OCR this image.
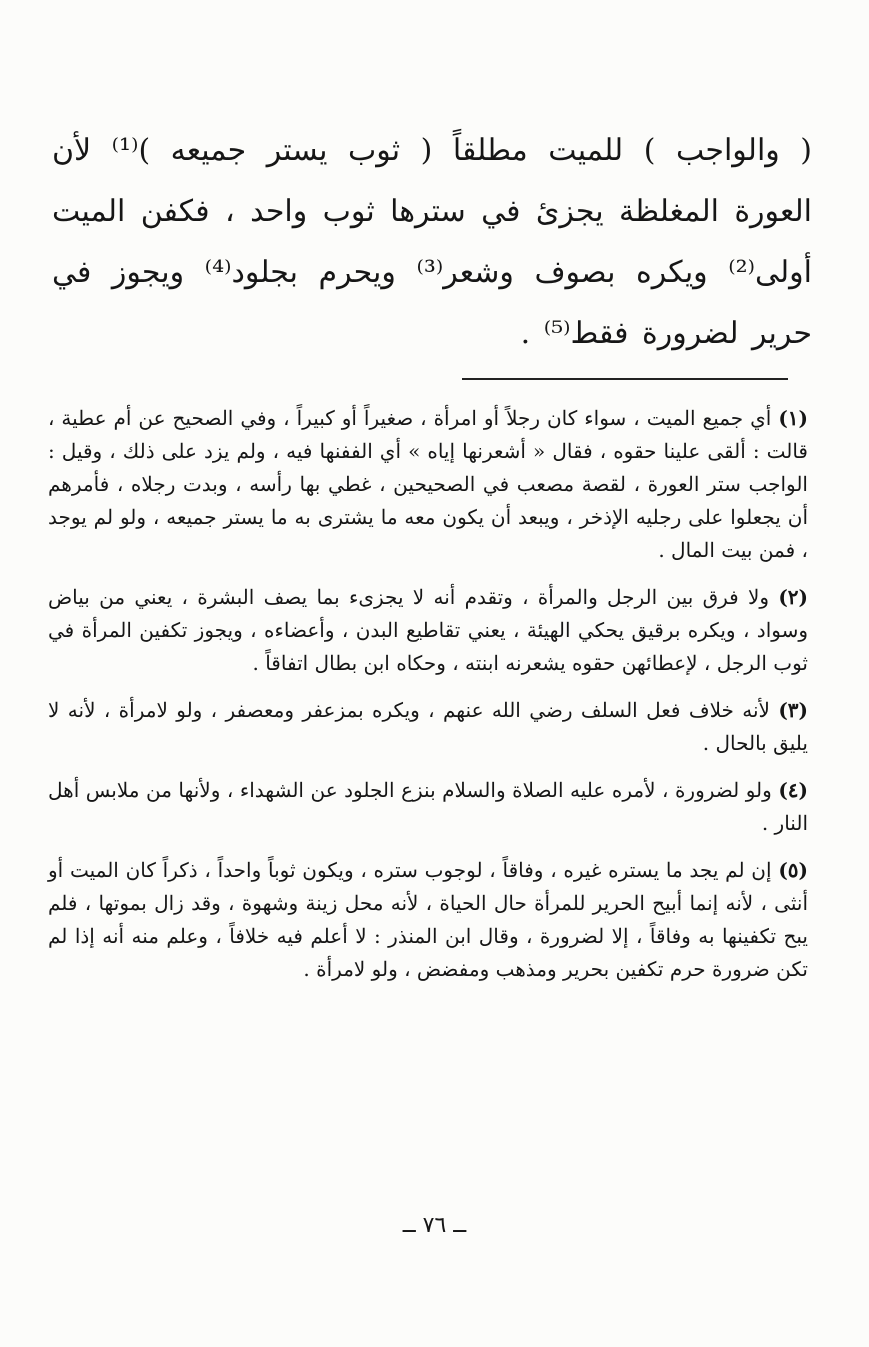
( والواجب ) للميت مطلقاً ( ثوب يستر جميعه )⁽¹⁾ لأن العورة المغلظة يجزئ في سترها ثوب واحد ، فكفن الميت أولى⁽²⁾ ويكره بصوف وشعر⁽³⁾ ويحرم بجلود⁽⁴⁾ ويجوز في حرير لضرورة فقط⁽⁵⁾ .

(١) أي جميع الميت ، سواء كان رجلاً أو امرأة ، صغيراً أو كبيراً ، وفي الصحيح عن أم عطية ، قالت : ألقى علينا حقوه ، فقال « أشعرنها إياه » أي الففنها فيه ، ولم يزد على ذلك ، وقيل : الواجب ستر العورة ، لقصة مصعب في الصحيحين ، غطي بها رأسه ، وبدت رجلاه ، فأمرهم أن يجعلوا على رجليه الإذخر ، ويبعد أن يكون معه ما يشترى به ما يستر جميعه ، ولو لم يوجد ، فمن بيت المال .

(٢) ولا فرق بين الرجل والمرأة ، وتقدم أنه لا يجزىء بما يصف البشرة ، يعني من بياض وسواد ، ويكره برقيق يحكي الهيئة ، يعني تقاطيع البدن ، وأعضاءه ، ويجوز تكفين المرأة في ثوب الرجل ، لإعطائهن حقوه يشعرنه ابنته ، وحكاه ابن بطال اتفاقاً .

(٣) لأنه خلاف فعل السلف رضي الله عنهم ، ويكره بمزعفر ومعصفر ، ولو لامرأة ، لأنه لا يليق بالحال .

(٤) ولو لضرورة ، لأمره عليه الصلاة والسلام بنزع الجلود عن الشهداء ، ولأنها من ملابس أهل النار .

(٥) إن لم يجد ما يستره غيره ، وفاقاً ، لوجوب ستره ، ويكون ثوباً واحداً ، ذكراً كان الميت أو أنثى ، لأنه إنما أبيح الحرير للمرأة حال الحياة ، لأنه محل زينة وشهوة ، وقد زال بموتها ، فلم يبح تكفينها به وفاقاً ، إلا لضرورة ، وقال ابن المنذر : لا أعلم فيه خلافاً ، وعلم منه أنه إذا لم تكن ضرورة حرم تكفين بحرير ومذهب ومفضض ، ولو لامرأة .

ــ ٧٦ ــ
